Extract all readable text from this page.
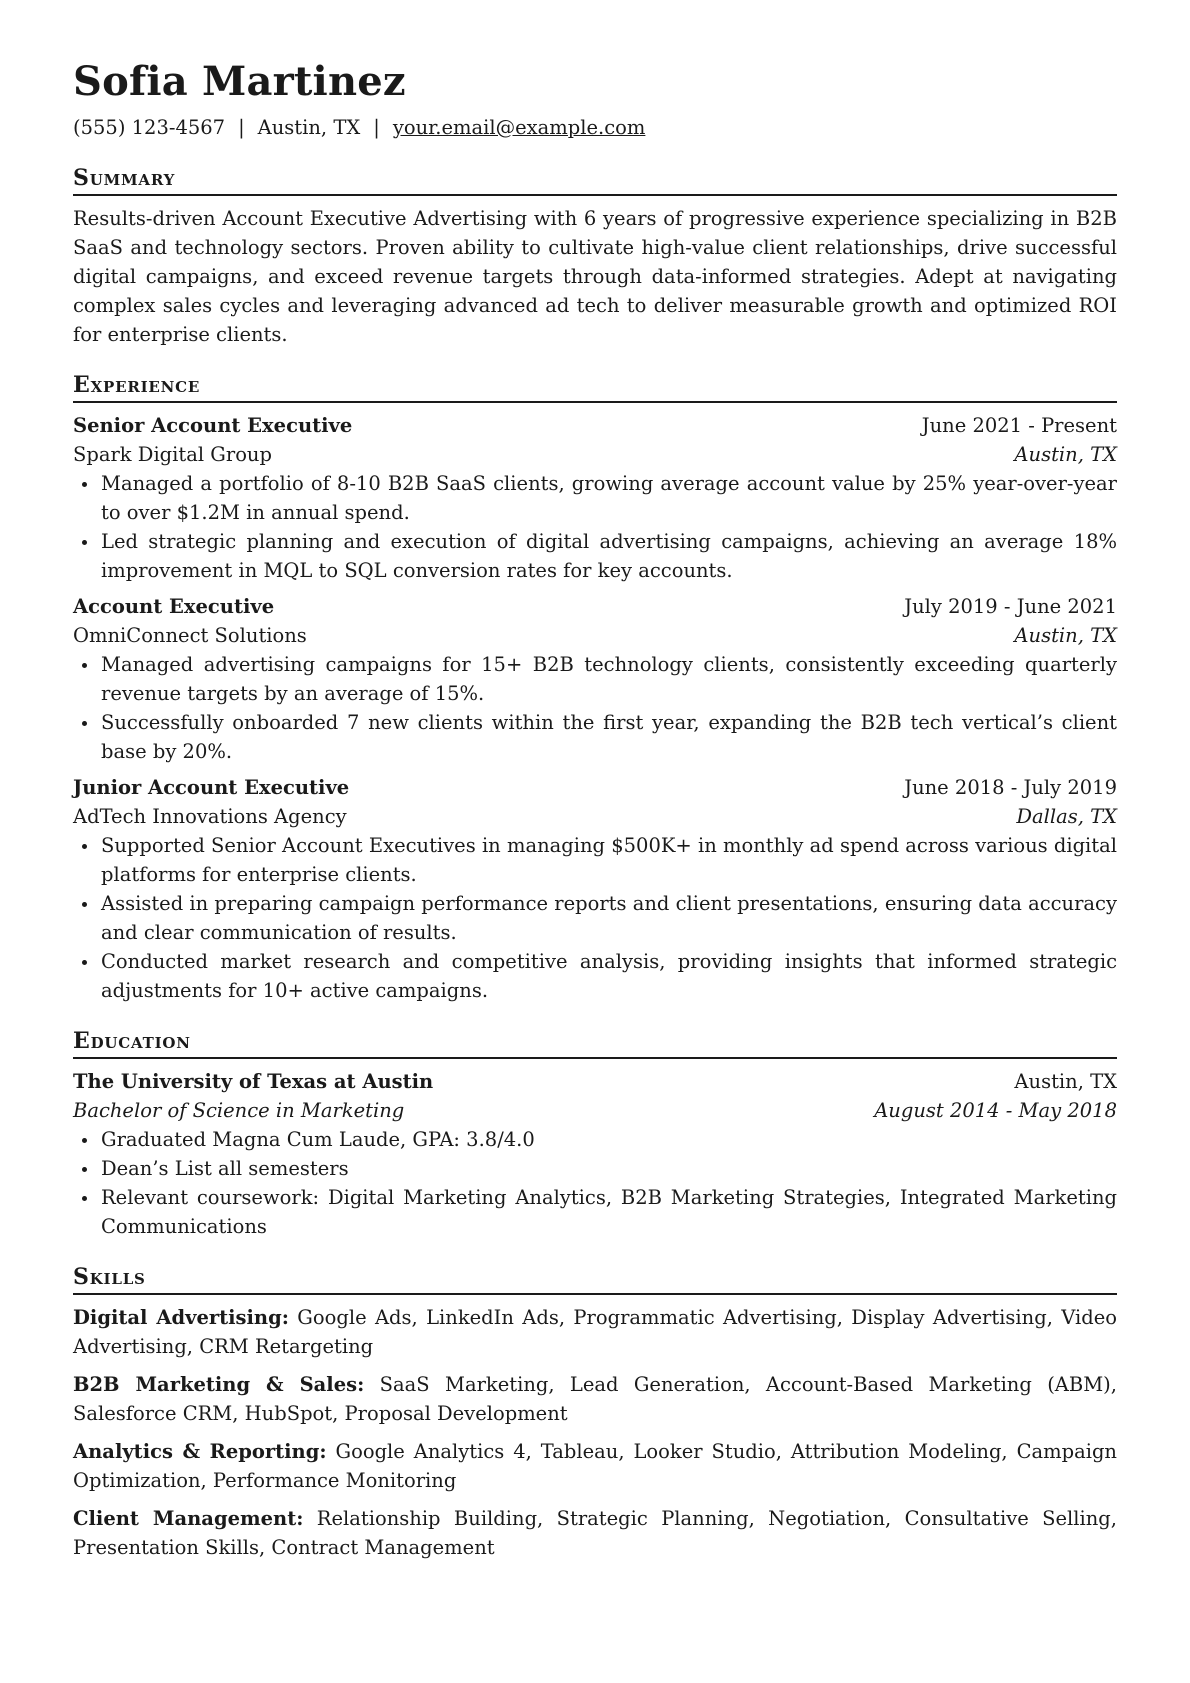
Sofia Martinez
(555) 123-4567 | Austin, TX | your.email@example.com
Summary
Results-driven Account Executive Advertising with 6 years of progressive experience specializing in B2B SaaS and technology sectors. Proven ability to cultivate high-value client relationships, drive successful digital campaigns, and exceed revenue targets through data-informed strategies. Adept at navigating complex sales cycles and leveraging advanced ad tech to deliver measurable growth and optimized ROI for enterprise clients.
Experience
Senior Account Executive	June 2021 - Present
Spark Digital Group	Austin, TX
Managed a portfolio of 8-10 B2B SaaS clients, growing average account value by 25% year-over-year to over $1.2M in annual spend.
Led strategic planning and execution of digital advertising campaigns, achieving an average 18% improvement in MQL to SQL conversion rates for key accounts.
Account Executive	July 2019 - June 2021
OmniConnect Solutions	Austin, TX
Managed advertising campaigns for 15+ B2B technology clients, consistently exceeding quarterly revenue targets by an average of 15%.
Successfully onboarded 7 new clients within the first year, expanding the B2B tech vertical’s client base by 20%.
Junior Account Executive	June 2018 - July 2019
AdTech Innovations Agency	Dallas, TX
Supported Senior Account Executives in managing $500K+ in monthly ad spend across various digital platforms for enterprise clients.
Assisted in preparing campaign performance reports and client presentations, ensuring data accuracy and clear communication of results.
Conducted market research and competitive analysis, providing insights that informed strategic adjustments for 10+ active campaigns.
Education
The University of Texas at Austin	Austin, TX
Bachelor of Science in Marketing	August 2014 - May 2018
Graduated Magna Cum Laude, GPA: 3.8/4.0
Dean’s List all semesters
Relevant coursework: Digital Marketing Analytics, B2B Marketing Strategies, Integrated Marketing Communications
Skills
Digital Advertising: Google Ads, LinkedIn Ads, Programmatic Advertising, Display Advertising, Video Advertising, CRM Retargeting
B2B Marketing & Sales: SaaS Marketing, Lead Generation, Account-Based Marketing (ABM), Salesforce CRM, HubSpot, Proposal Development
Analytics & Reporting: Google Analytics 4, Tableau, Looker Studio, Attribution Modeling, Campaign Optimization, Performance Monitoring
Client Management: Relationship Building, Strategic Planning, Negotiation, Consultative Selling, Presentation Skills, Contract Management
